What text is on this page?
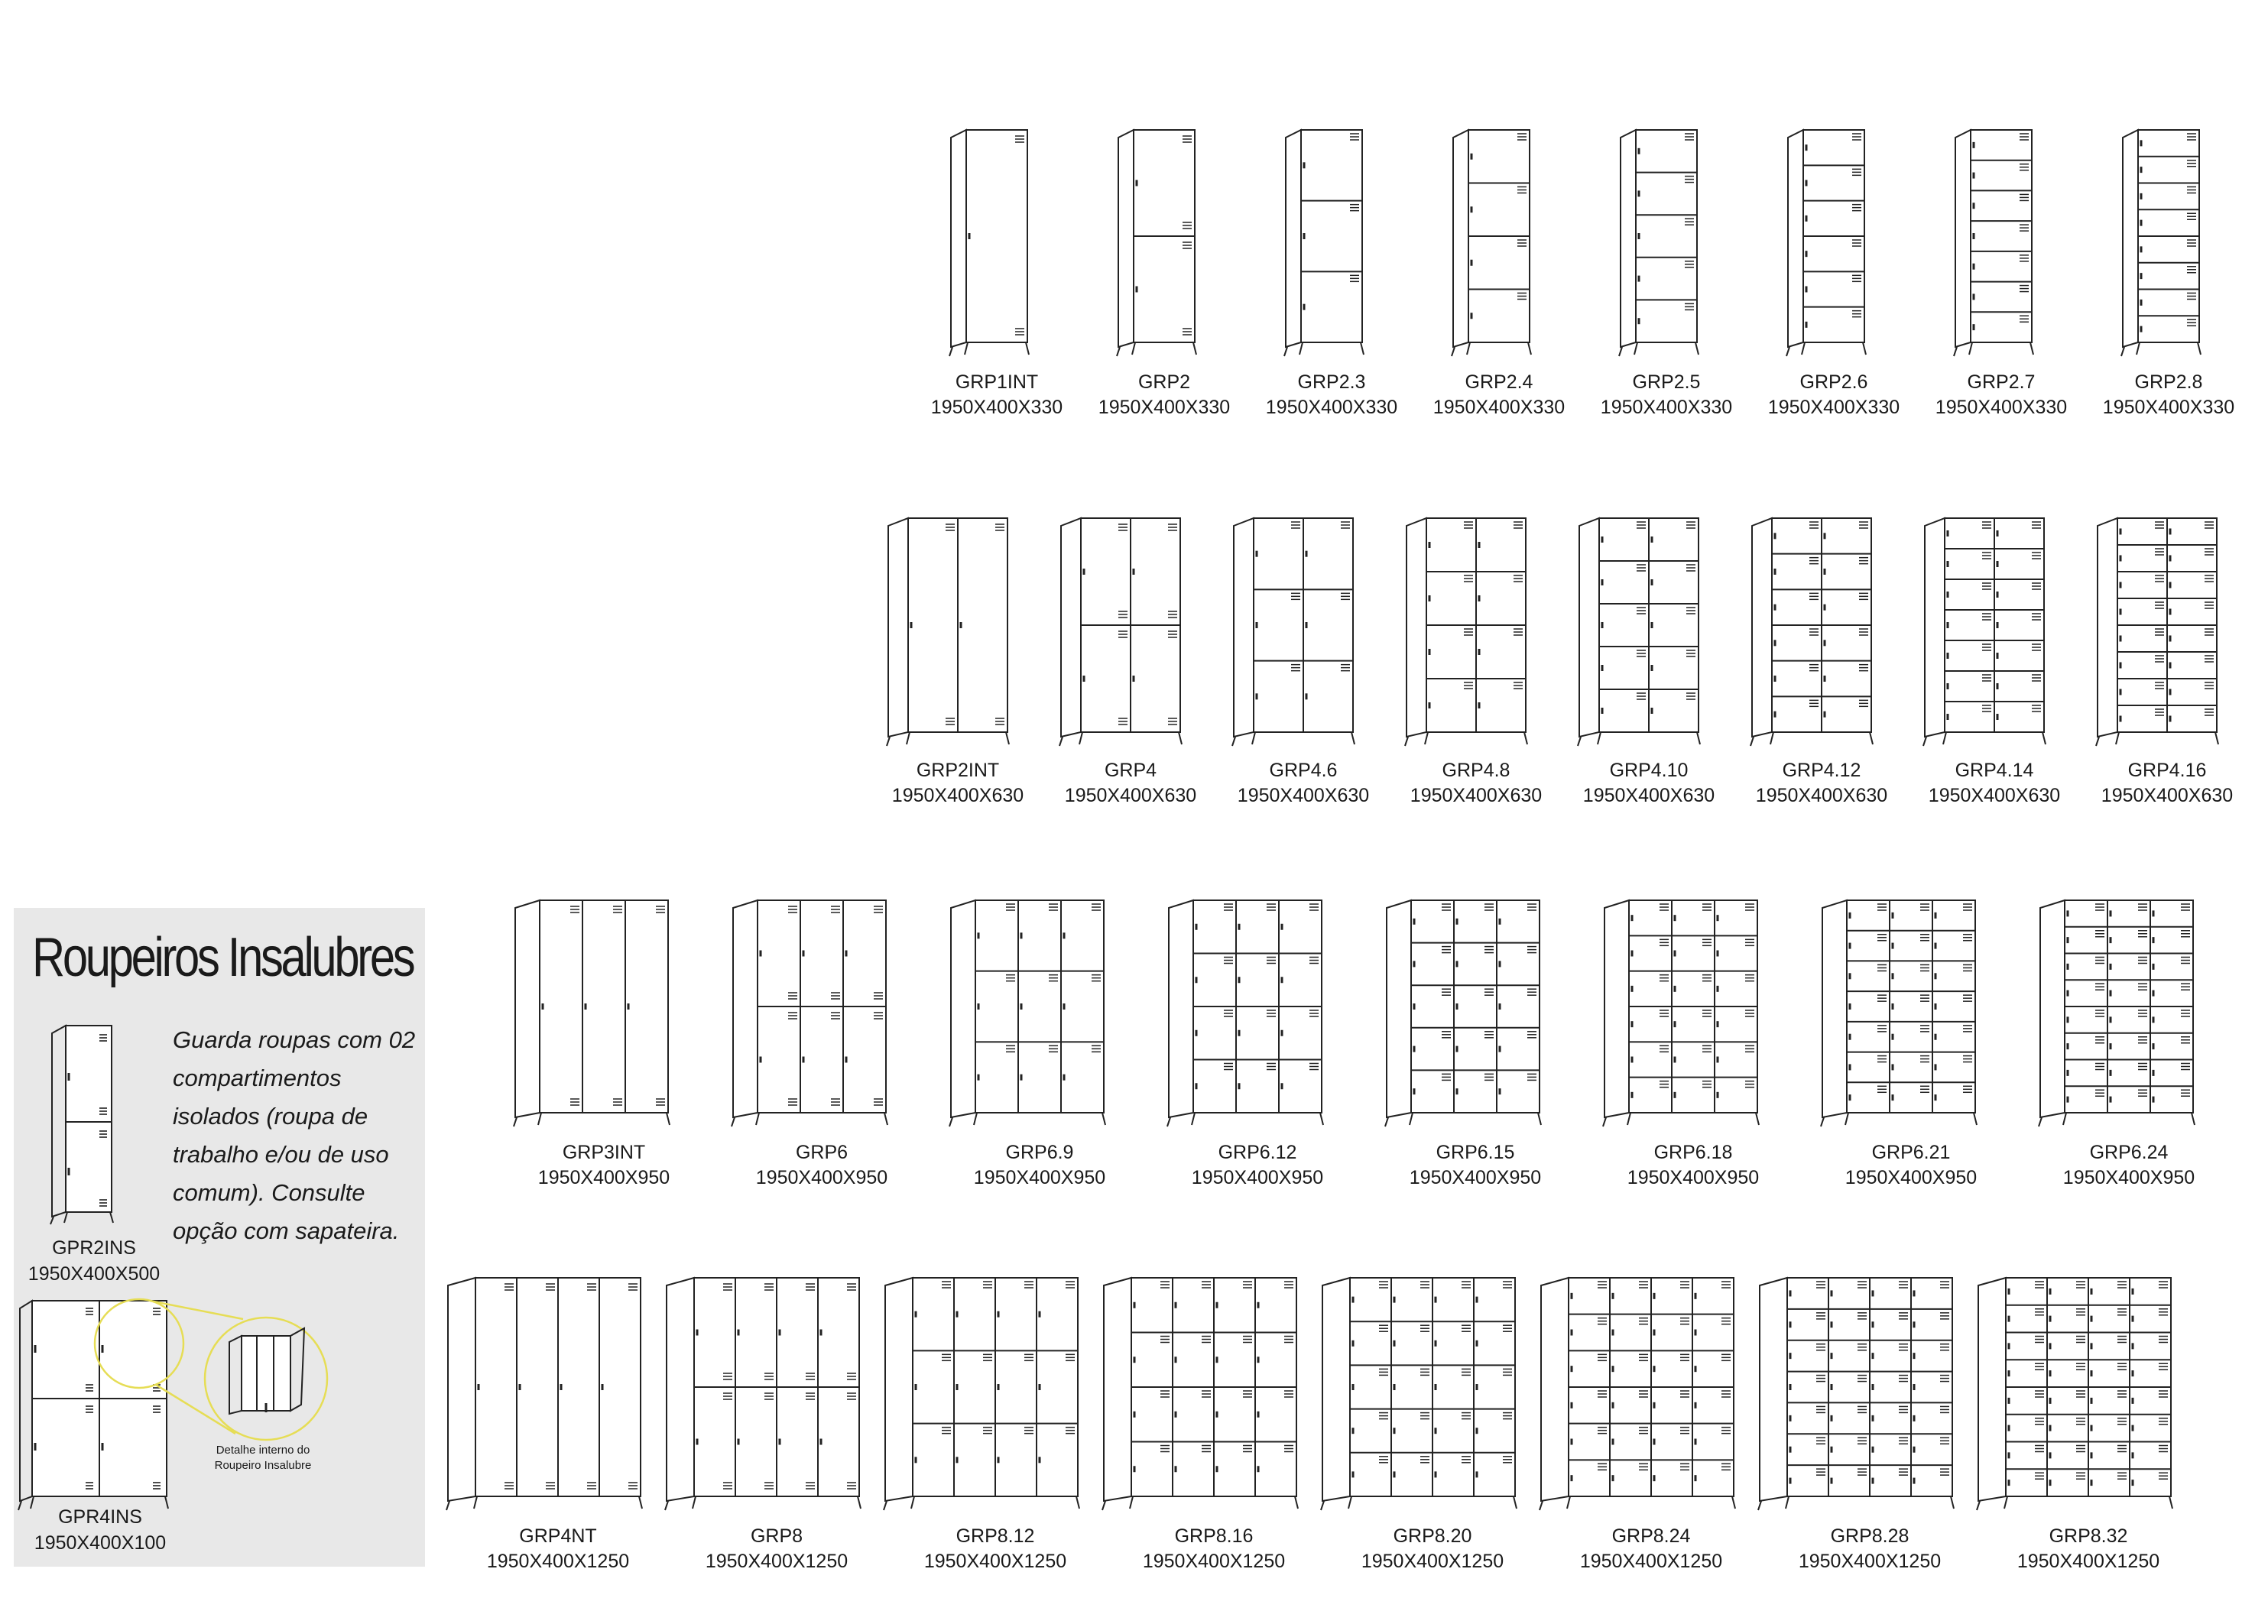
GRP1INT
1950X400X330
GRP2
1950X400X330
GRP2.3
1950X400X330
GRP2.4
1950X400X330
GRP2.5
1950X400X330
GRP2.6
1950X400X330
GRP2.7
1950X400X330
GRP2.8
1950X400X330
GRP2INT
1950X400X630
GRP4
1950X400X630
GRP4.6
1950X400X630
GRP4.8
1950X400X630
GRP4.10
1950X400X630
GRP4.12
1950X400X630
GRP4.14
1950X400X630
GRP4.16
1950X400X630
GRP3INT
1950X400X950
GRP6
1950X400X950
GRP6.9
1950X400X950
GRP6.12
1950X400X950
GRP6.15
1950X400X950
GRP6.18
1950X400X950
GRP6.21
1950X400X950
GRP6.24
1950X400X950
GRP4NT
1950X400X1250
GRP8
1950X400X1250
GRP8.12
1950X400X1250
GRP8.16
1950X400X1250
GRP8.20
1950X400X1250
GRP8.24
1950X400X1250
GRP8.28
1950X400X1250
GRP8.32
1950X400X1250
Roupeiros Insalubres

Guarda roupas com 02 compartimentos isolados (roupa de trabalho e/ou de uso comum). Consulte opção com sapateira.

GPR2INS
1950X400X500
Detalhe interno do Roupeiro Insalubre
GPR4INS
1950X400X100
